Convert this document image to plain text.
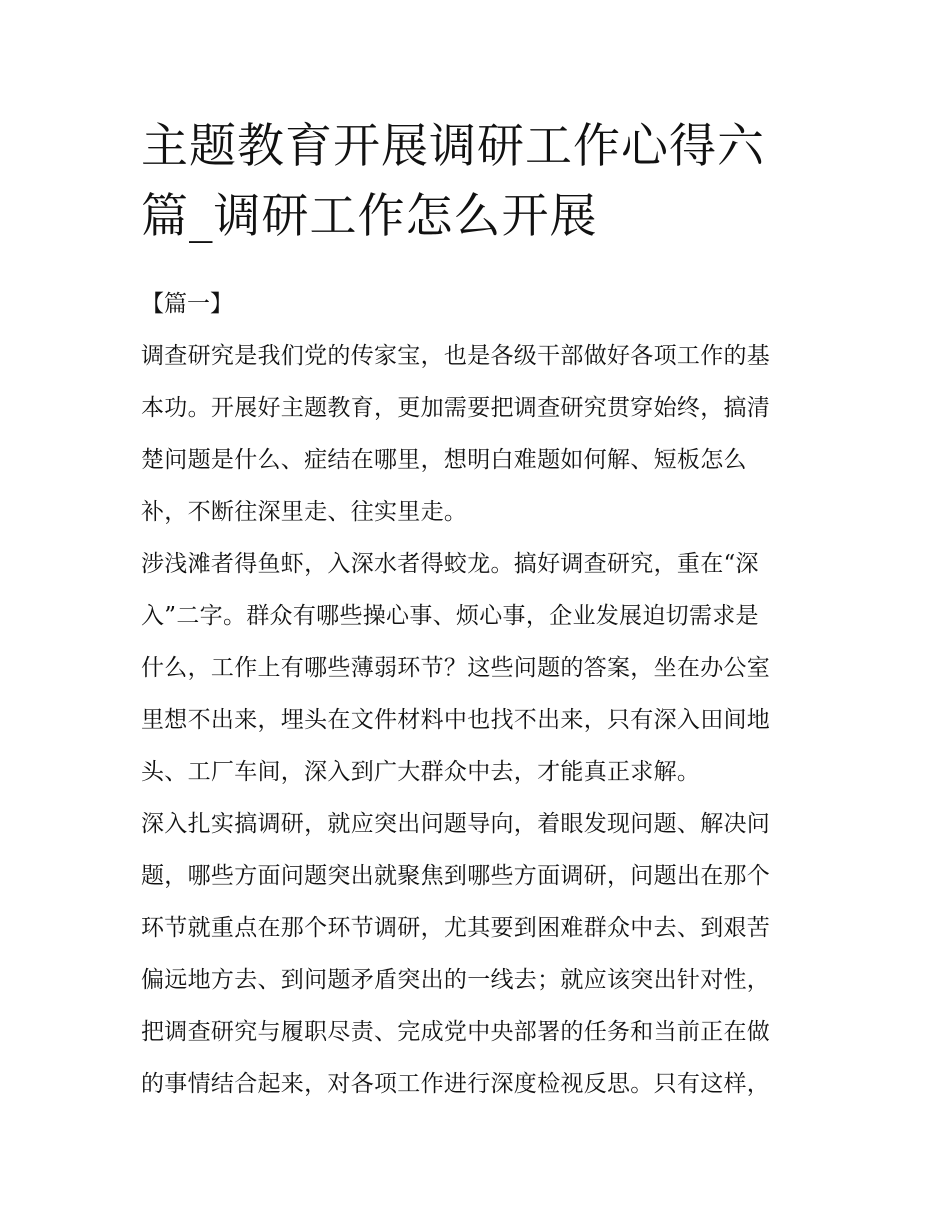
主题教育开展调研工作心得六
篇_调研工作怎么开展
【篇一】
调查研究是我们党的传家宝，也是各级干部做好各项工作的基
本功。开展好主题教育，更加需要把调查研究贯穿始终，搞清
楚问题是什么、症结在哪里，想明白难题如何解、短板怎么
补，不断往深里走、往实里走。
涉浅滩者得鱼虾，入深水者得蛟龙。搞好调查研究，重在“深
入”二字。群众有哪些操心事、烦心事，企业发展迫切需求是
什么，工作上有哪些薄弱环节？这些问题的答案，坐在办公室
里想不出来，埋头在文件材料中也找不出来，只有深入田间地
头、工厂车间，深入到广大群众中去，才能真正求解。
深入扎实搞调研，就应突出问题导向，着眼发现问题、解决问
题，哪些方面问题突出就聚焦到哪些方面调研，问题出在那个
环节就重点在那个环节调研，尤其要到困难群众中去、到艰苦
偏远地方去、到问题矛盾突出的一线去；就应该突出针对性，
把调查研究与履职尽责、完成党中央部署的任务和当前正在做
的事情结合起来，对各项工作进行深度检视反思。只有这样，
